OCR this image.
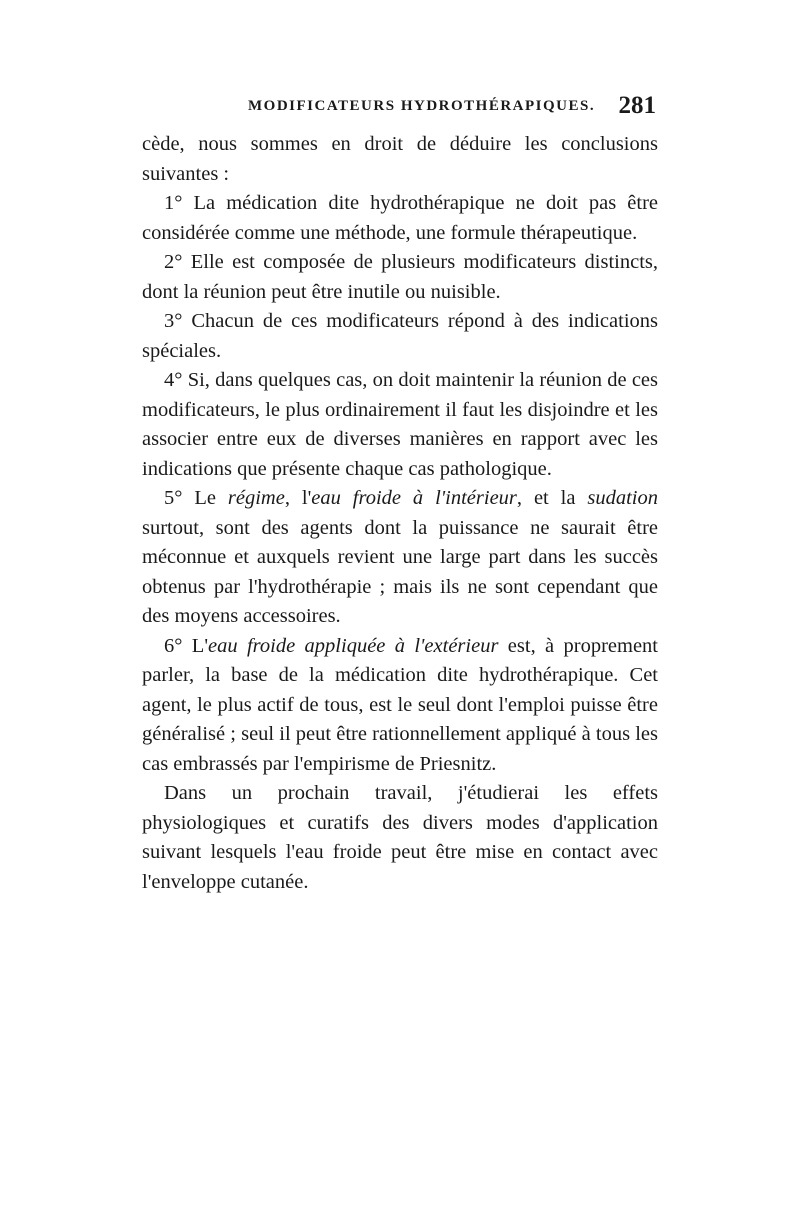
MODIFICATEURS HYDROTHÉRAPIQUES. 281

cède, nous sommes en droit de déduire les conclusions suivantes :

1° La médication dite hydrothérapique ne doit pas être considérée comme une méthode, une formule thérapeutique.

2° Elle est composée de plusieurs modificateurs distincts, dont la réunion peut être inutile ou nuisible.

3° Chacun de ces modificateurs répond à des indications spéciales.

4° Si, dans quelques cas, on doit maintenir la réunion de ces modificateurs, le plus ordinairement il faut les disjoindre et les associer entre eux de diverses manières en rapport avec les indications que présente chaque cas pathologique.

5° Le régime, l'eau froide à l'intérieur, et la sudation surtout, sont des agents dont la puissance ne saurait être méconnue et auxquels revient une large part dans les succès obtenus par l'hydrothérapie ; mais ils ne sont cependant que des moyens accessoires.

6° L'eau froide appliquée à l'extérieur est, à proprement parler, la base de la médication dite hydrothérapique. Cet agent, le plus actif de tous, est le seul dont l'emploi puisse être généralisé ; seul il peut être rationnellement appliqué à tous les cas embrassés par l'empirisme de Priesnitz.

Dans un prochain travail, j'étudierai les effets physiologiques et curatifs des divers modes d'application suivant lesquels l'eau froide peut être mise en contact avec l'enveloppe cutanée.
